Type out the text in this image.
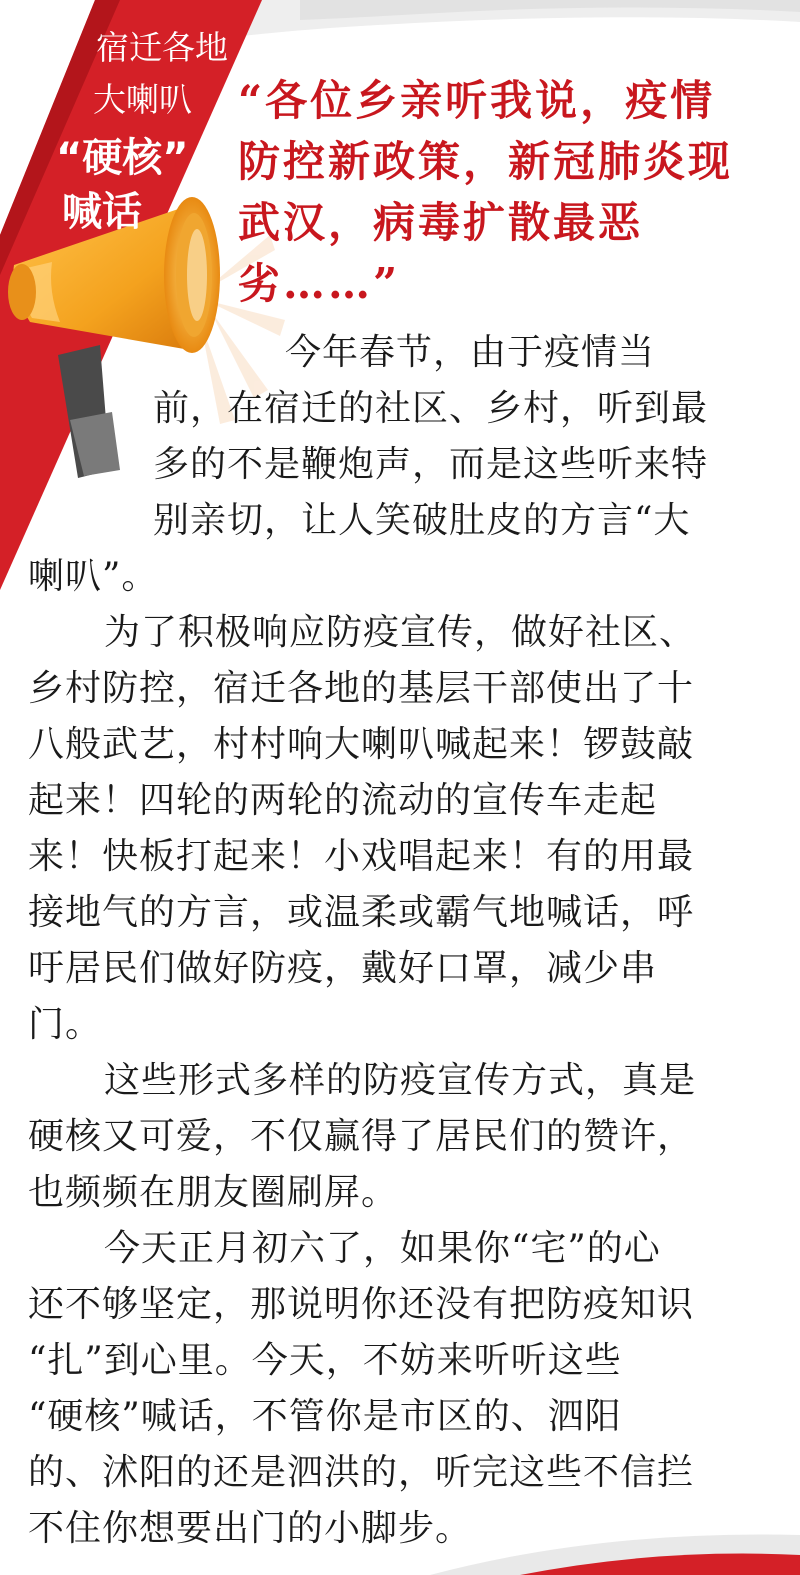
宿迁各地
大喇叭
“硬核”
喊话
“各位乡亲听我说，疫情防控新政策，新冠肺炎现武汉，病毒扩散最恶劣……”
今年春节，由于疫情当
前，在宿迁的社区、乡村，听到最
多的不是鞭炮声，而是这些听来特
别亲切，让人笑破肚皮的方言“大
喇叭”。
为了积极响应防疫宣传，做好社区、
乡村防控，宿迁各地的基层干部使出了十
八般武艺，村村响大喇叭喊起来！锣鼓敲
起来！四轮的两轮的流动的宣传车走起
来！快板打起来！小戏唱起来！有的用最
接地气的方言，或温柔或霸气地喊话，呼
吁居民们做好防疫，戴好口罩，减少串
门。
这些形式多样的防疫宣传方式，真是
硬核又可爱，不仅赢得了居民们的赞许，
也频频在朋友圈刷屏。
今天正月初六了，如果你“宅”的心
还不够坚定，那说明你还没有把防疫知识
“扎”到心里。今天，不妨来听听这些
“硬核”喊话，不管你是市区的、泗阳
的、沭阳的还是泗洪的，听完这些不信拦
不住你想要出门的小脚步。
